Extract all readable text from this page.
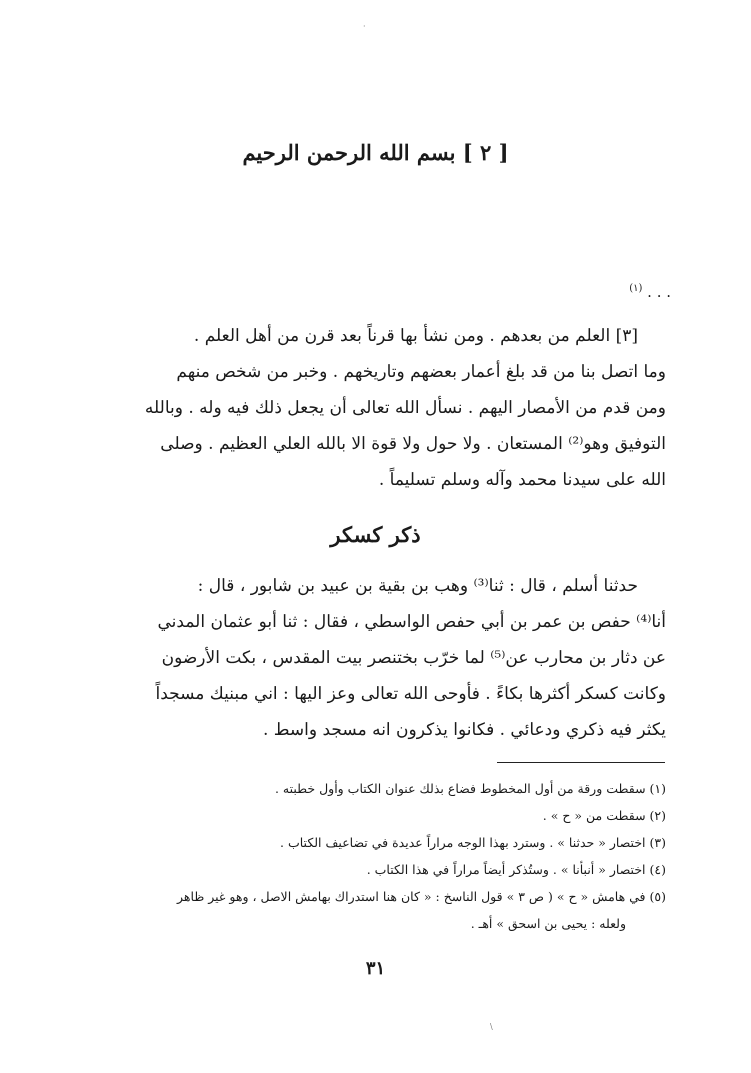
·
[ ٢ ] بسم الله الرحمن الرحيم
. . . $^{(١)}$
[٣] العلم من بعدهم . ومن نشأ بها قرناً بعد قرن من أهل العلم .
وما اتصل بنا من قد بلغ أعمار بعضهم وتاريخهم . وخبر من شخص منهم
ومن قدم من الأمصار اليهم . نسأل الله تعالى أن يجعل ذلك فيه وله . وبالله
التوفيق وهو⁽²⁾ المستعان . ولا حول ولا قوة الا بالله العلي العظيم . وصلى
الله على سيدنا محمد وآله وسلم تسليماً .
ذكر كسكر
حدثنا أسلم ، قال : ثنا⁽³⁾ وهب بن بقية بن عبيد بن شابور ، قال :
أنا⁽⁴⁾ حفص بن عمر بن أبي حفص الواسطي ، فقال : ثنا أبو عثمان المدني
عن دثار بن محارب عن⁽⁵⁾ لما خرّب بختنصر بيت المقدس ، بكت الأرضون
وكانت كسكر أكثرها بكاءً . فأوحى الله تعالى وعز اليها : اني مبنيك مسجداً
يكثر فيه ذكري ودعائي . فكانوا يذكرون انه مسجد واسط .
(١) سقطت ورقة من أول المخطوط فضاع بذلك عنوان الكتاب وأول خطبته .
(٢) سقطت من « ح » .
(٣) اختصار « حدثنا » . وسترد بهذا الوجه مراراً عديدة في تضاعيف الكتاب .
(٤) اختصار « أنبأنا » . وستُذكر أيضاً مراراً في هذا الكتاب .
(٥) في هامش « ح » ( ص ٣ » قول الناسخ : « كان هنا استدراك بهامش الاصل ، وهو غير ظاهر
ولعله : يحيى بن اسحق » أهـ .
٣١
\
